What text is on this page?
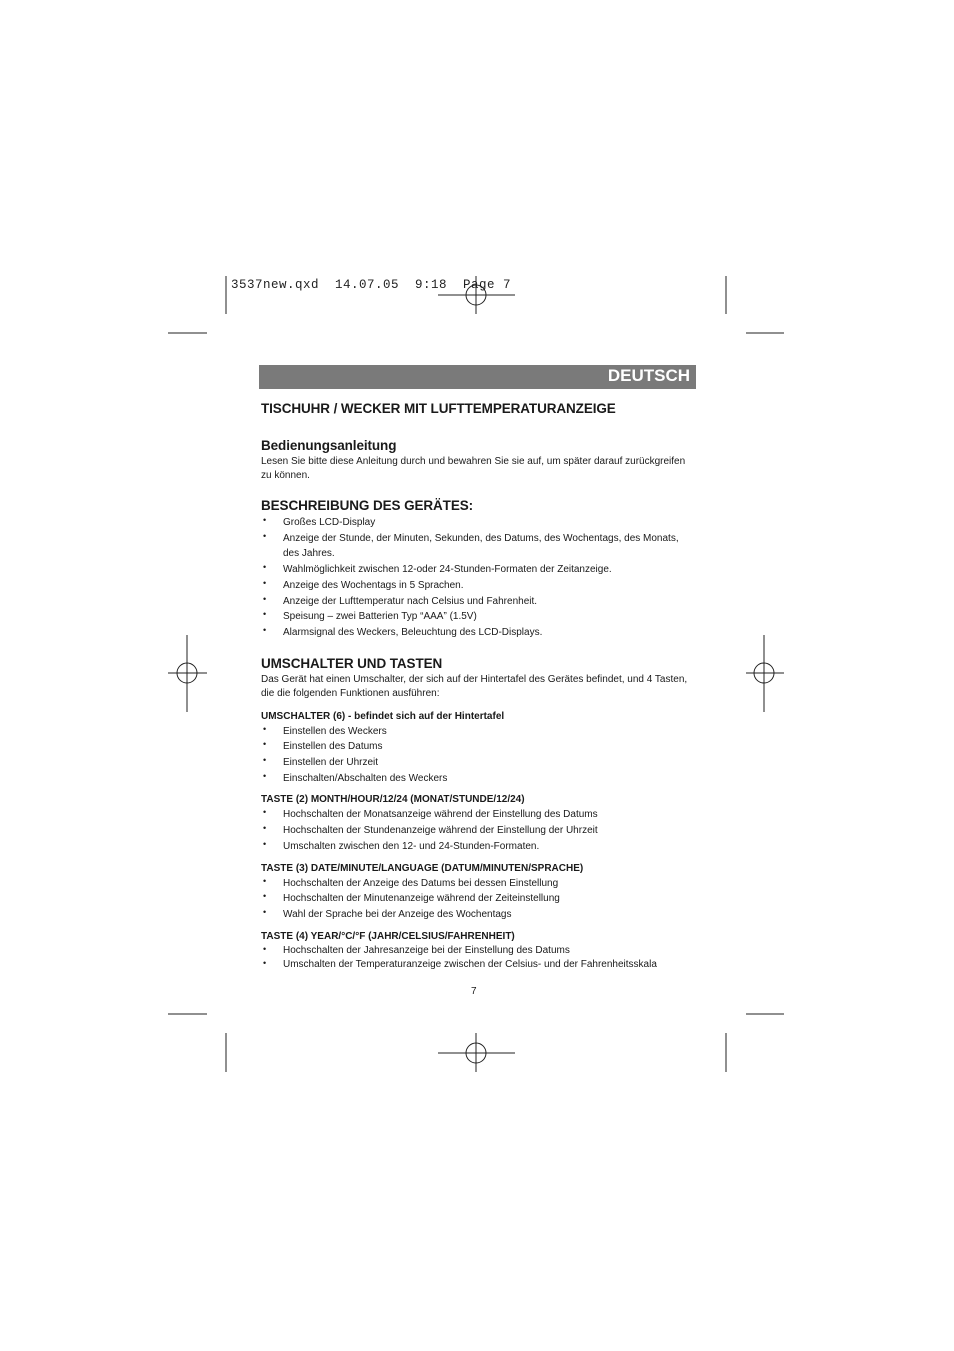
3537new.qxd  14.07.05  9:18  Page 7
DEUTSCH
TISCHUHR / WECKER MIT LUFTTEMPERATURANZEIGE
Bedienungsanleitung

Lesen Sie bitte diese Anleitung durch und bewahren Sie sie auf, um später darauf zurückgreifen zu können.

BESCHREIBUNG DES GERÄTES:
• Großes LCD-Display
• Anzeige der Stunde, der Minuten, Sekunden, des Datums, des Wochentags, des Monats, des Jahres.
• Wahlmöglichkeit zwischen 12-oder 24-Stunden-Formaten der Zeitanzeige.
• Anzeige des Wochentags in 5 Sprachen.
• Anzeige der Lufttemperatur nach Celsius und Fahrenheit.
• Speisung – zwei Batterien Typ “AAA” (1.5V)
• Alarmsignal des Weckers, Beleuchtung des LCD-Displays.
UMSCHALTER UND TASTEN

Das Gerät hat einen Umschalter, der sich auf der Hintertafel des Gerätes befindet, und 4 Tasten, die die folgenden Funktionen ausführen:

UMSCHALTER (6) - befindet sich auf der Hintertafel
• Einstellen des Weckers
• Einstellen des Datums
• Einstellen der Uhrzeit
• Einschalten/Abschalten des Weckers
TASTE (2) MONTH/HOUR/12/24 (MONAT/STUNDE/12/24)
• Hochschalten der Monatsanzeige während der Einstellung des Datums
• Hochschalten der Stundenanzeige während der Einstellung der Uhrzeit
• Umschalten zwischen den 12- und 24-Stunden-Formaten.
TASTE (3) DATE/MINUTE/LANGUAGE (DATUM/MINUTEN/SPRACHE)
• Hochschalten der Anzeige des Datums bei dessen Einstellung
• Hochschalten der Minutenanzeige während der Zeiteinstellung
• Wahl der Sprache bei der Anzeige des Wochentags
TASTE (4) YEAR/°C/°F (JAHR/CELSIUS/FAHRENHEIT)
• Hochschalten der Jahresanzeige bei der Einstellung des Datums
• Umschalten der Temperaturanzeige zwischen der Celsius- und der Fahrenheitsskala
7
